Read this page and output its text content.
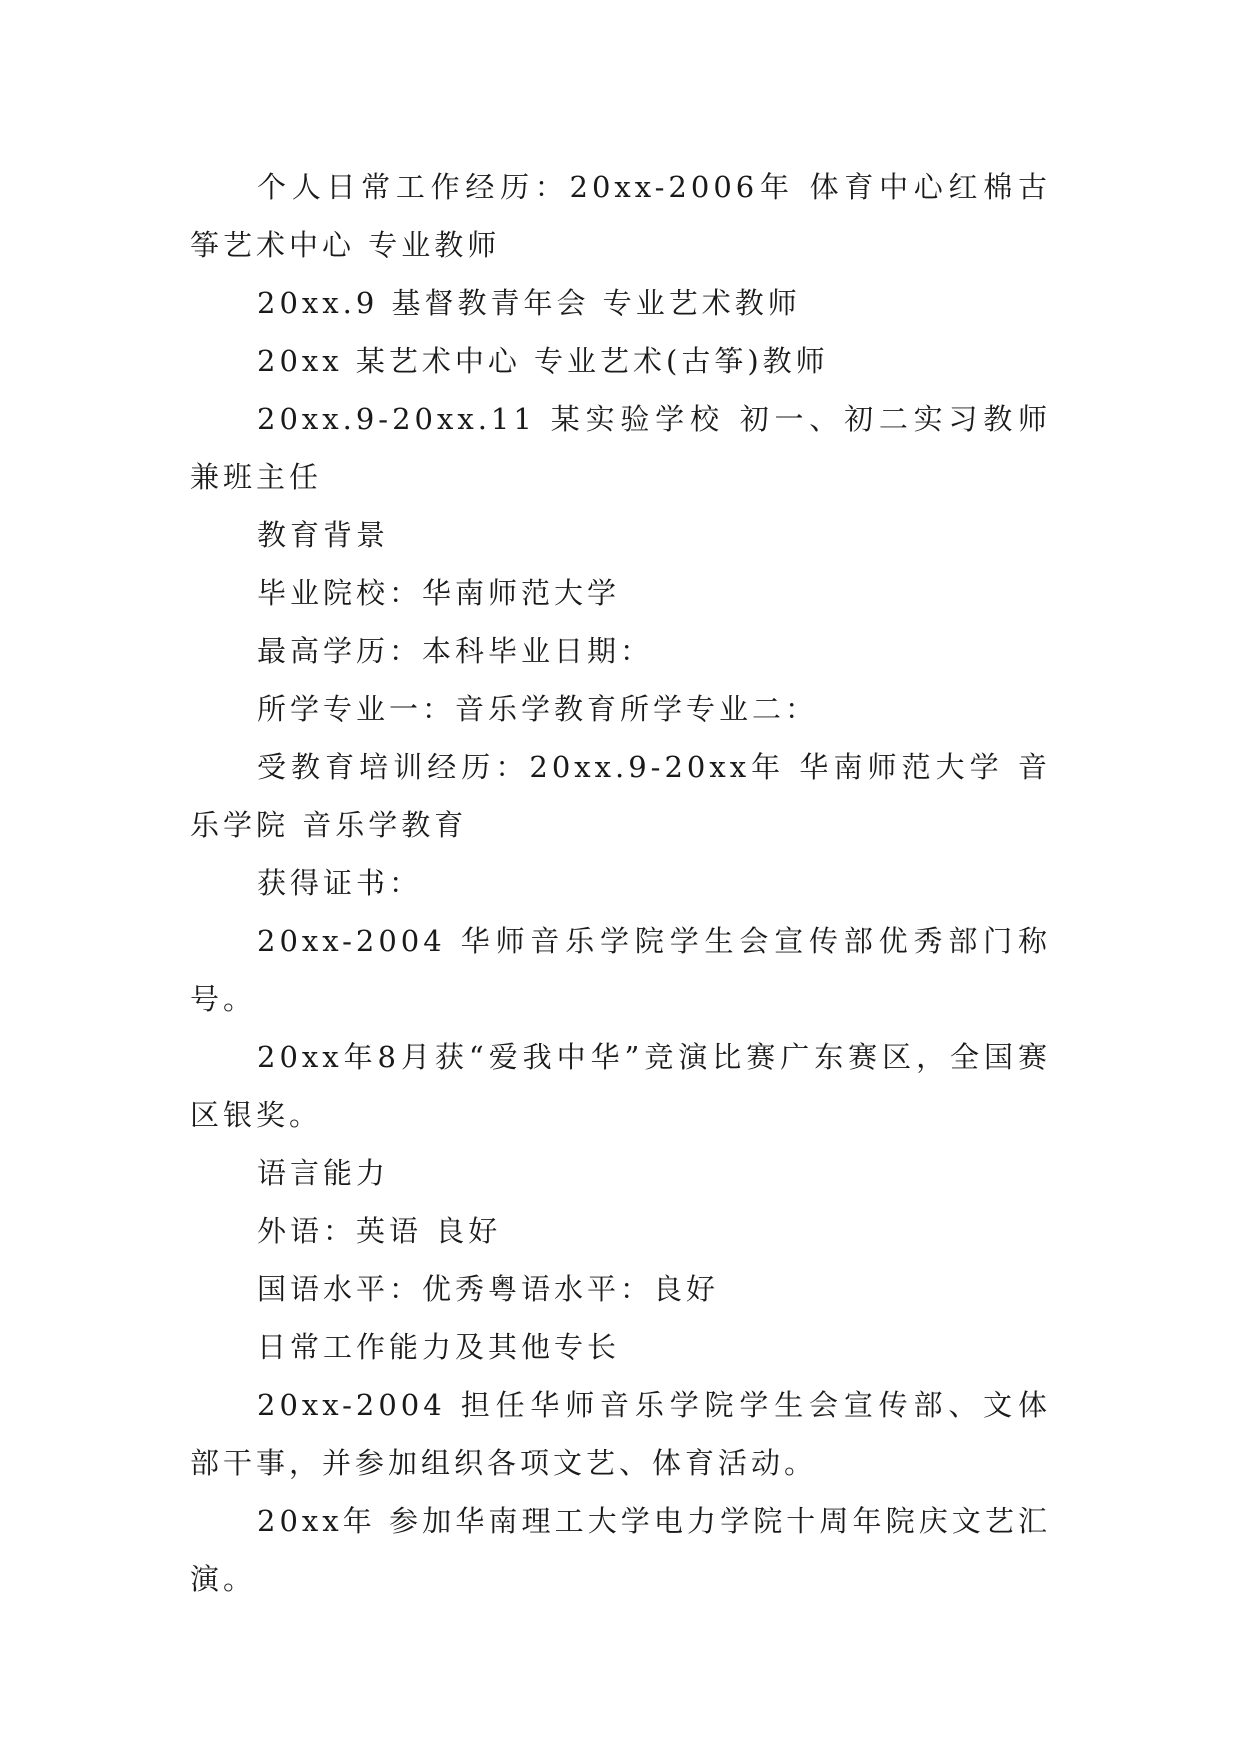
个人日常工作经历：20xx-2006年 体育中心红棉古筝艺术中心 专业教师

20xx.9 基督教青年会 专业艺术教师

20xx 某艺术中心 专业艺术(古筝)教师

20xx.9-20xx.11 某实验学校 初一、初二实习教师兼班主任

教育背景

毕业院校：华南师范大学

最高学历：本科毕业日期：

所学专业一：音乐学教育所学专业二：

受教育培训经历：20xx.9-20xx年 华南师范大学 音乐学院 音乐学教育

获得证书：

20xx-2004 华师音乐学院学生会宣传部优秀部门称号。

20xx年8月获“爱我中华”竞演比赛广东赛区，全国赛区银奖。

语言能力

外语：英语 良好

国语水平：优秀粤语水平：良好

日常工作能力及其他专长

20xx-2004 担任华师音乐学院学生会宣传部、文体部干事，并参加组织各项文艺、体育活动。

20xx年 参加华南理工大学电力学院十周年院庆文艺汇演。
